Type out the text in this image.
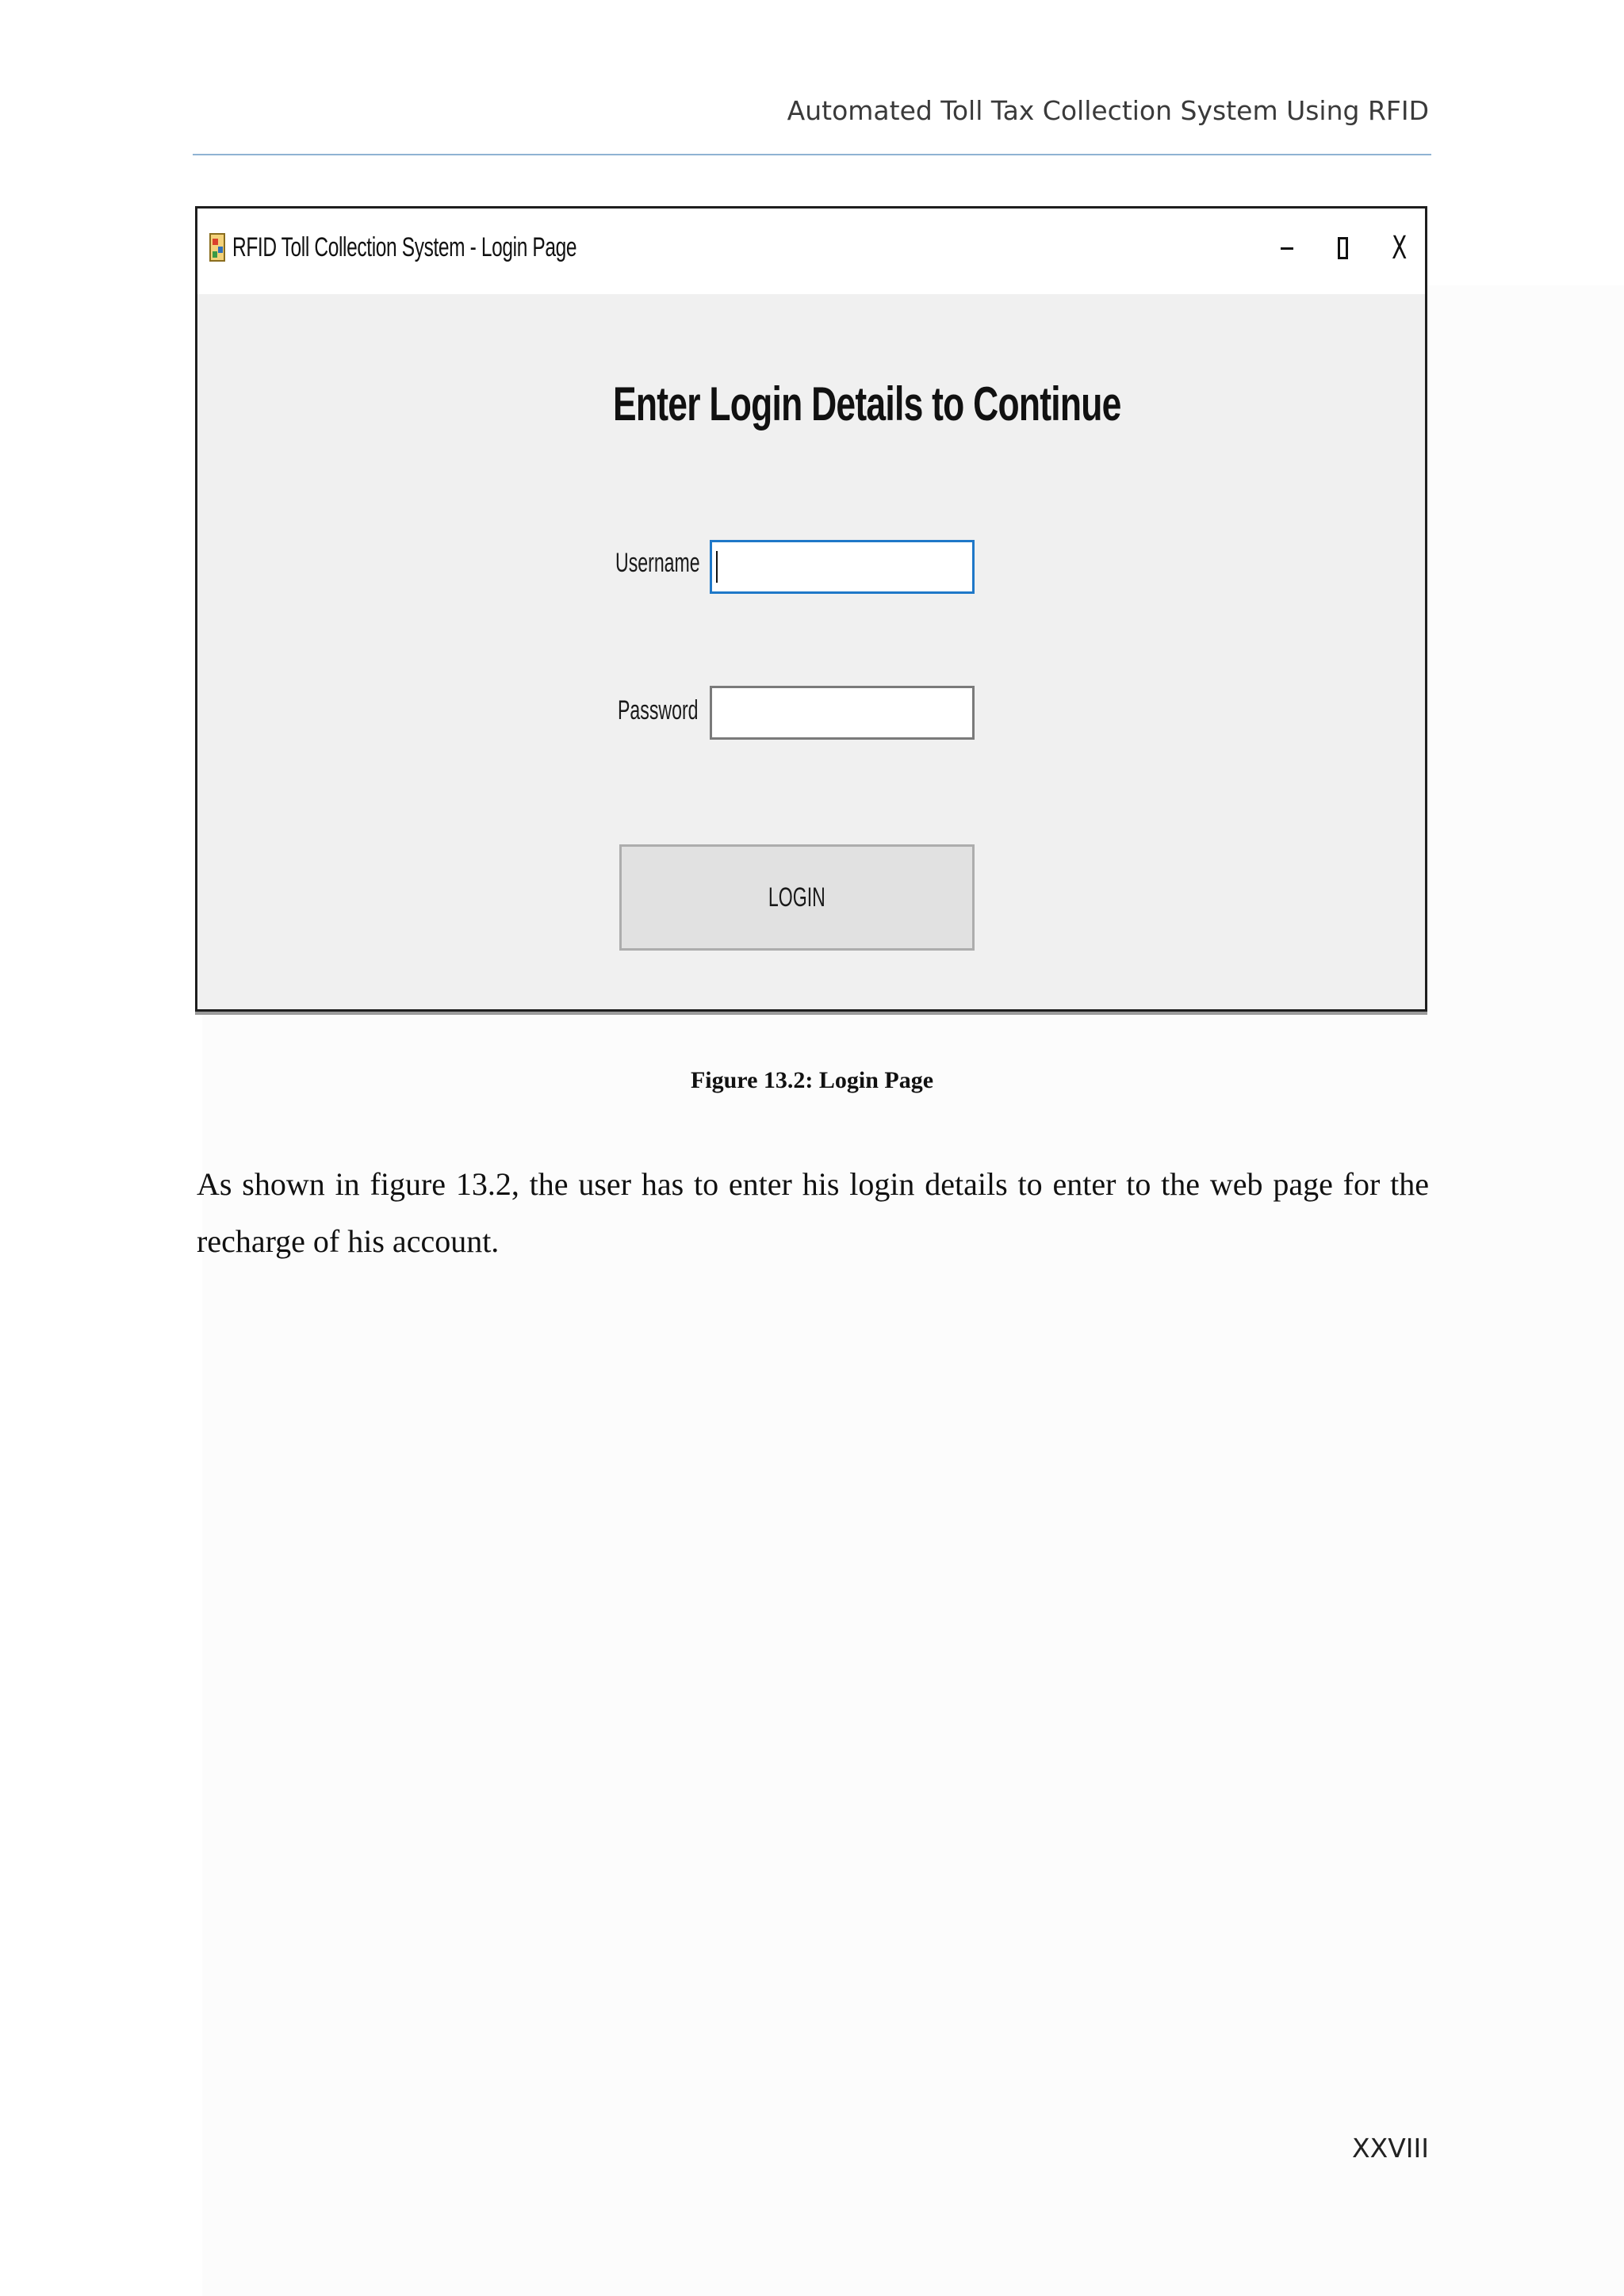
Automated Toll Tax Collection System Using RFID
RFID Toll Collection System - Login Page	X
Enter Login Details to Continue
Username
Password
LOGIN
Figure 13.2: Login Page

As shown in figure 13.2, the user has to enter his login details to enter to the web page for the recharge of his account.

XXVIII
